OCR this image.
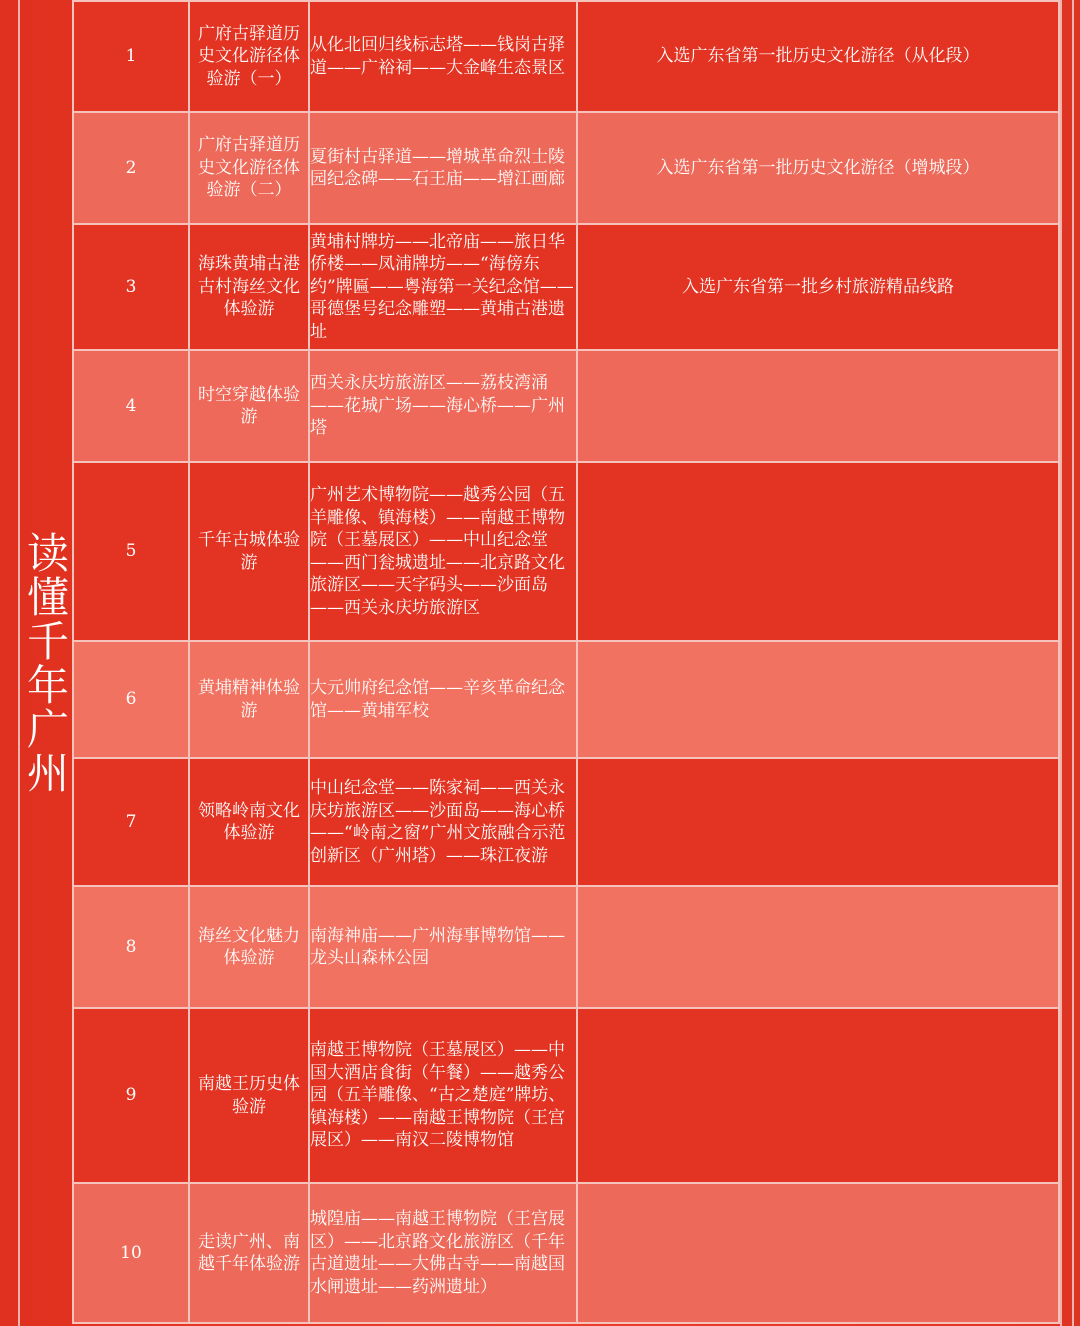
读懂千年广州
1	广府古驿道历史文化游径体验游（一）	从化北回归线标志塔——钱岗古驿道——广裕祠——大金峰生态景区	入选广东省第一批历史文化游径（从化段）
2	广府古驿道历史文化游径体验游（二）	夏街村古驿道——增城革命烈士陵园纪念碑——石王庙——增江画廊	入选广东省第一批历史文化游径（增城段）
3	海珠黄埔古港古村海丝文化体验游	黄埔村牌坊——北帝庙——旅日华侨楼——凤浦牌坊——“海傍东约”牌匾——粤海第一关纪念馆——哥德堡号纪念雕塑——黄埔古港遗址	入选广东省第一批乡村旅游精品线路
4	时空穿越体验游	西关永庆坊旅游区——荔枝湾涌——花城广场——海心桥——广州塔	
5	千年古城体验游	广州艺术博物院——越秀公园（五羊雕像、镇海楼）——南越王博物院（王墓展区）——中山纪念堂——西门瓮城遗址——北京路文化旅游区——天字码头——沙面岛——西关永庆坊旅游区	
6	黄埔精神体验游	大元帅府纪念馆——辛亥革命纪念馆——黄埔军校	
7	领略岭南文化体验游	中山纪念堂——陈家祠——西关永庆坊旅游区——沙面岛——海心桥——“岭南之窗”广州文旅融合示范创新区（广州塔）——珠江夜游	
8	海丝文化魅力体验游	南海神庙——广州海事博物馆——龙头山森林公园	
9	南越王历史体验游	南越王博物院（王墓展区）——中国大酒店食街（午餐）——越秀公园（五羊雕像、“古之楚庭”牌坊、镇海楼）——南越王博物院（王宫展区）——南汉二陵博物馆	
10	走读广州、南越千年体验游	城隍庙——南越王博物院（王宫展区）——北京路文化旅游区（千年古道遗址——大佛古寺——南越国水闸遗址——药洲遗址）	
